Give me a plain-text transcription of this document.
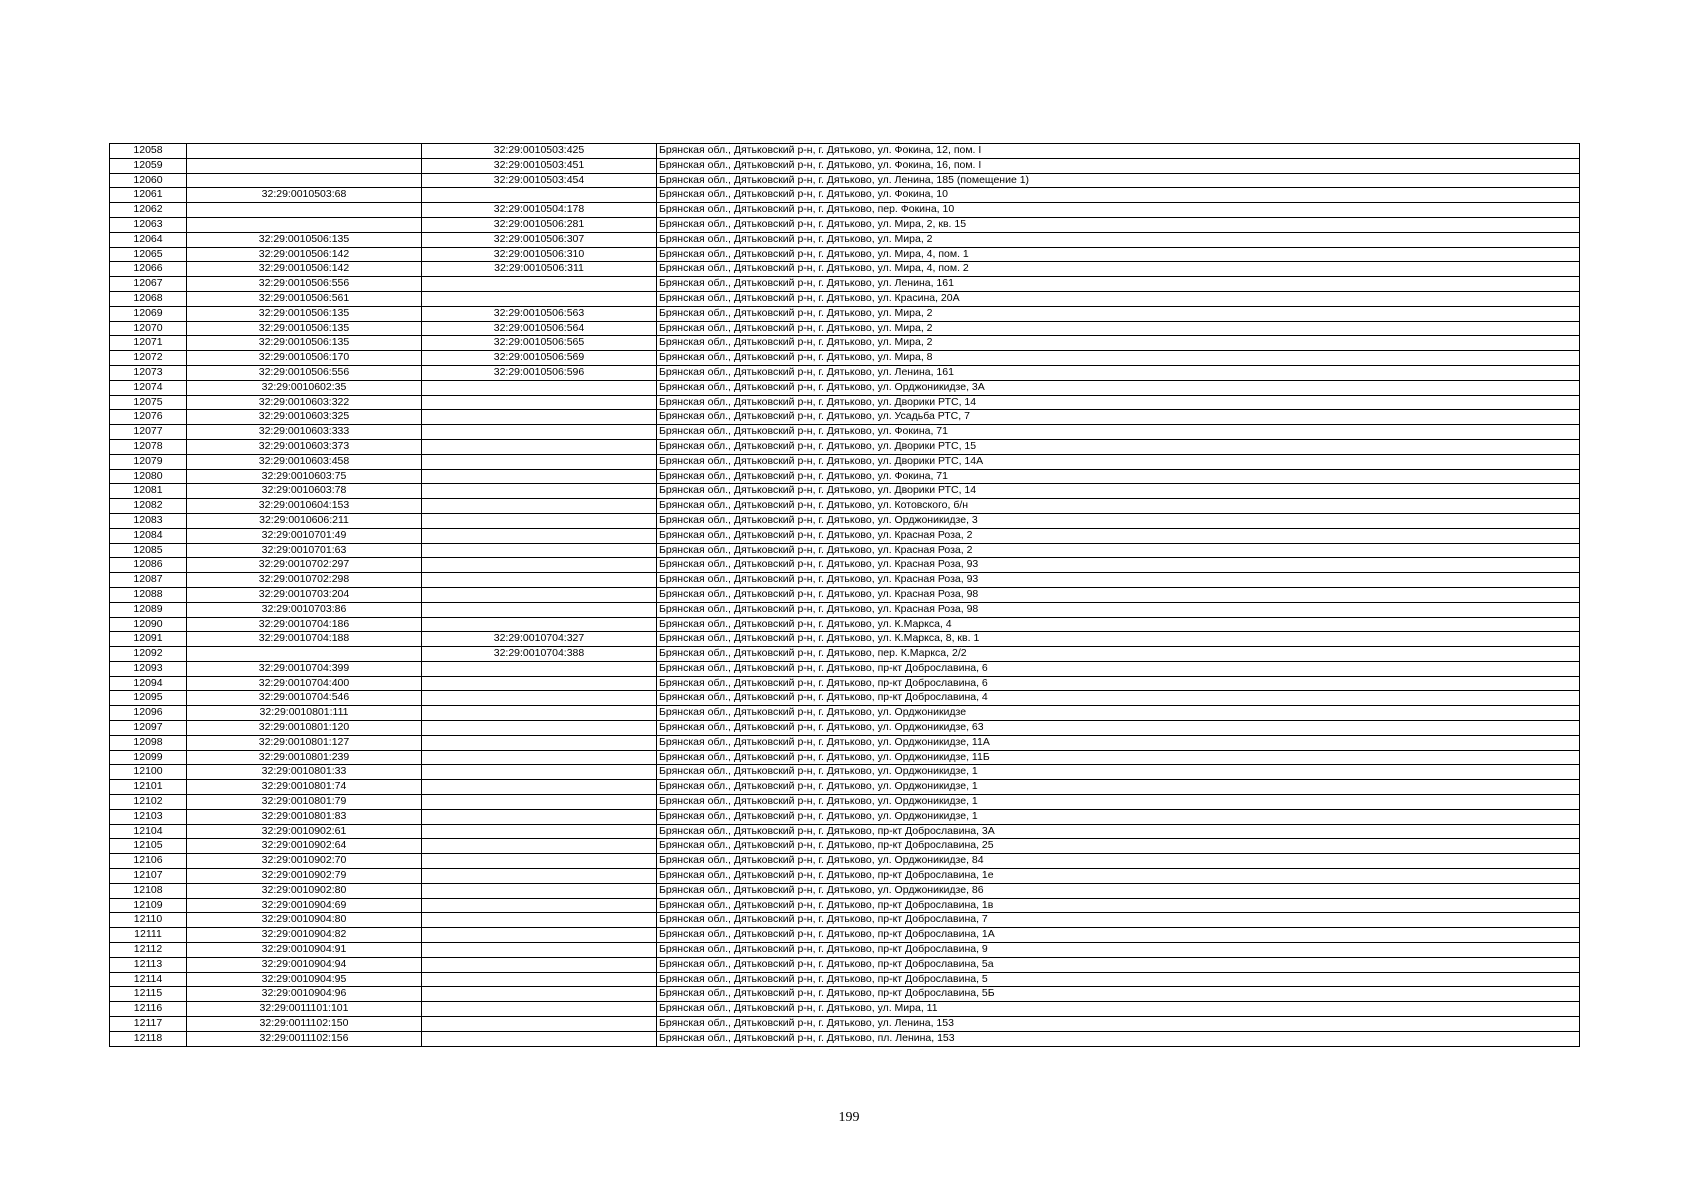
12058		32:29:0010503:425	Брянская обл., Дятьковский р-н, г. Дятьково, ул. Фокина, 12, пом. I
12059		32:29:0010503:451	Брянская обл., Дятьковский р-н, г. Дятьково, ул. Фокина, 16, пом. I
12060		32:29:0010503:454	Брянская обл., Дятьковский р-н, г. Дятьково, ул. Ленина, 185 (помещение 1)
12061	32:29:0010503:68		Брянская обл., Дятьковский р-н, г. Дятьково, ул. Фокина, 10
12062		32:29:0010504:178	Брянская обл., Дятьковский р-н, г. Дятьково, пер. Фокина, 10
12063		32:29:0010506:281	Брянская обл., Дятьковский р-н, г. Дятьково, ул. Мира, 2, кв. 15
12064	32:29:0010506:135	32:29:0010506:307	Брянская обл., Дятьковский р-н, г. Дятьково, ул. Мира, 2
12065	32:29:0010506:142	32:29:0010506:310	Брянская обл., Дятьковский р-н, г. Дятьково, ул. Мира, 4, пом. 1
12066	32:29:0010506:142	32:29:0010506:311	Брянская обл., Дятьковский р-н, г. Дятьково, ул. Мира, 4, пом. 2
12067	32:29:0010506:556		Брянская обл., Дятьковский р-н, г. Дятьково, ул. Ленина, 161
12068	32:29:0010506:561		Брянская обл., Дятьковский р-н, г. Дятьково, ул. Красина, 20А
12069	32:29:0010506:135	32:29:0010506:563	Брянская обл., Дятьковский р-н, г. Дятьково, ул. Мира, 2
12070	32:29:0010506:135	32:29:0010506:564	Брянская обл., Дятьковский р-н, г. Дятьково, ул. Мира, 2
12071	32:29:0010506:135	32:29:0010506:565	Брянская обл., Дятьковский р-н, г. Дятьково, ул. Мира, 2
12072	32:29:0010506:170	32:29:0010506:569	Брянская обл., Дятьковский р-н, г. Дятьково, ул. Мира, 8
12073	32:29:0010506:556	32:29:0010506:596	Брянская обл., Дятьковский р-н, г. Дятьково, ул. Ленина, 161
12074	32:29:0010602:35		Брянская обл., Дятьковский р-н, г. Дятьково, ул. Орджоникидзе, 3А
12075	32:29:0010603:322		Брянская обл., Дятьковский р-н, г. Дятьково, ул. Дворики РТС, 14
12076	32:29:0010603:325		Брянская обл., Дятьковский р-н, г. Дятьково, ул. Усадьба РТС, 7
12077	32:29:0010603:333		Брянская обл., Дятьковский р-н, г. Дятьково, ул. Фокина, 71
12078	32:29:0010603:373		Брянская обл., Дятьковский р-н, г. Дятьково, ул. Дворики РТС, 15
12079	32:29:0010603:458		Брянская обл., Дятьковский р-н, г. Дятьково, ул. Дворики РТС, 14А
12080	32:29:0010603:75		Брянская обл., Дятьковский р-н, г. Дятьково, ул. Фокина, 71
12081	32:29:0010603:78		Брянская обл., Дятьковский р-н, г. Дятьково, ул. Дворики РТС, 14
12082	32:29:0010604:153		Брянская обл., Дятьковский р-н, г. Дятьково, ул. Котовского, б/н
12083	32:29:0010606:211		Брянская обл., Дятьковский р-н, г. Дятьково, ул. Орджоникидзе, 3
12084	32:29:0010701:49		Брянская обл., Дятьковский р-н, г. Дятьково, ул. Красная Роза, 2
12085	32:29:0010701:63		Брянская обл., Дятьковский р-н, г. Дятьково, ул. Красная Роза, 2
12086	32:29:0010702:297		Брянская обл., Дятьковский р-н, г. Дятьково, ул. Красная Роза, 93
12087	32:29:0010702:298		Брянская обл., Дятьковский р-н, г. Дятьково, ул. Красная Роза, 93
12088	32:29:0010703:204		Брянская обл., Дятьковский р-н, г. Дятьково, ул. Красная Роза, 98
12089	32:29:0010703:86		Брянская обл., Дятьковский р-н, г. Дятьково, ул. Красная Роза, 98
12090	32:29:0010704:186		Брянская обл., Дятьковский р-н, г. Дятьково, ул. К.Маркса, 4
12091	32:29:0010704:188	32:29:0010704:327	Брянская обл., Дятьковский р-н, г. Дятьково, ул. К.Маркса, 8, кв. 1
12092		32:29:0010704:388	Брянская обл., Дятьковский р-н, г. Дятьково, пер. К.Маркса, 2/2
12093	32:29:0010704:399		Брянская обл., Дятьковский р-н, г. Дятьково, пр-кт Доброславина, 6
12094	32:29:0010704:400		Брянская обл., Дятьковский р-н, г. Дятьково, пр-кт Доброславина, 6
12095	32:29:0010704:546		Брянская обл., Дятьковский р-н, г. Дятьково, пр-кт Доброславина, 4
12096	32:29:0010801:111		Брянская обл., Дятьковский р-н, г. Дятьково, ул. Орджоникидзе
12097	32:29:0010801:120		Брянская обл., Дятьковский р-н, г. Дятьково, ул. Орджоникидзе, 63
12098	32:29:0010801:127		Брянская обл., Дятьковский р-н, г. Дятьково, ул. Орджоникидзе, 11А
12099	32:29:0010801:239		Брянская обл., Дятьковский р-н, г. Дятьково, ул. Орджоникидзе, 11Б
12100	32:29:0010801:33		Брянская обл., Дятьковский р-н, г. Дятьково, ул. Орджоникидзе, 1
12101	32:29:0010801:74		Брянская обл., Дятьковский р-н, г. Дятьково, ул. Орджоникидзе, 1
12102	32:29:0010801:79		Брянская обл., Дятьковский р-н, г. Дятьково, ул. Орджоникидзе, 1
12103	32:29:0010801:83		Брянская обл., Дятьковский р-н, г. Дятьково, ул. Орджоникидзе, 1
12104	32:29:0010902:61		Брянская обл., Дятьковский р-н, г. Дятьково, пр-кт Доброславина, 3А
12105	32:29:0010902:64		Брянская обл., Дятьковский р-н, г. Дятьково, пр-кт Доброславина, 25
12106	32:29:0010902:70		Брянская обл., Дятьковский р-н, г. Дятьково, ул. Орджоникидзе, 84
12107	32:29:0010902:79		Брянская обл., Дятьковский р-н, г. Дятьково, пр-кт Доброславина, 1е
12108	32:29:0010902:80		Брянская обл., Дятьковский р-н, г. Дятьково, ул. Орджоникидзе, 86
12109	32:29:0010904:69		Брянская обл., Дятьковский р-н, г. Дятьково, пр-кт Доброславина, 1в
12110	32:29:0010904:80		Брянская обл., Дятьковский р-н, г. Дятьково, пр-кт Доброславина, 7
12111	32:29:0010904:82		Брянская обл., Дятьковский р-н, г. Дятьково, пр-кт Доброславина, 1А
12112	32:29:0010904:91		Брянская обл., Дятьковский р-н, г. Дятьково, пр-кт Доброславина, 9
12113	32:29:0010904:94		Брянская обл., Дятьковский р-н, г. Дятьково, пр-кт Доброславина, 5а
12114	32:29:0010904:95		Брянская обл., Дятьковский р-н, г. Дятьково, пр-кт Доброславина, 5
12115	32:29:0010904:96		Брянская обл., Дятьковский р-н, г. Дятьково, пр-кт Доброславина, 5Б
12116	32:29:0011101:101		Брянская обл., Дятьковский р-н, г. Дятьково, ул. Мира, 11
12117	32:29:0011102:150		Брянская обл., Дятьковский р-н, г. Дятьково, ул. Ленина, 153
12118	32:29:0011102:156		Брянская обл., Дятьковский р-н, г. Дятьково, пл. Ленина, 153
199
